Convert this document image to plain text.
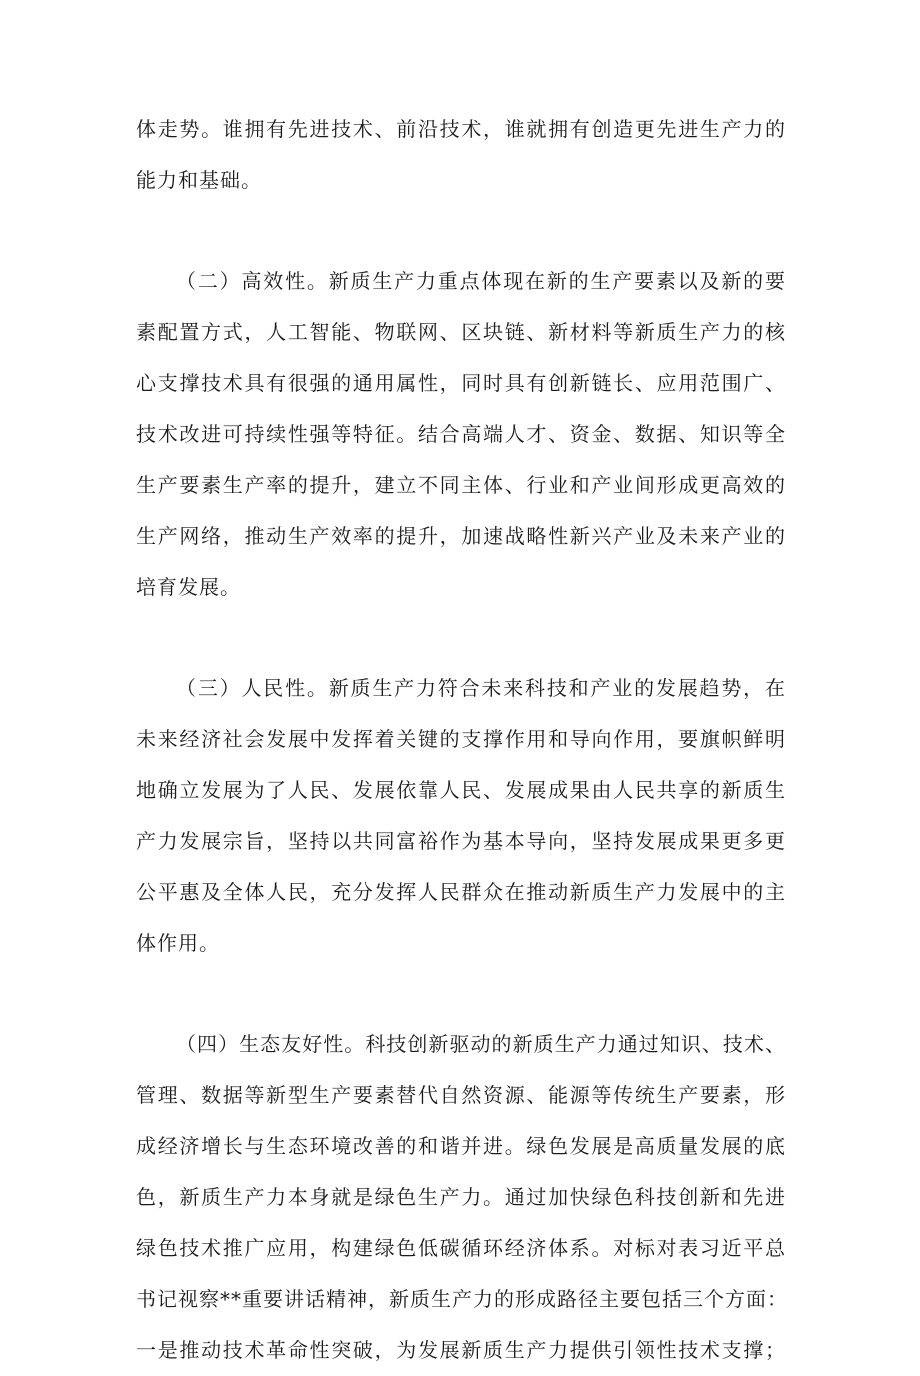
体走势。谁拥有先进技术、前沿技术，谁就拥有创造更先进生产力的
能力和基础。
（二）高效性。新质生产力重点体现在新的生产要素以及新的要
素配置方式，人工智能、物联网、区块链、新材料等新质生产力的核
心支撑技术具有很强的通用属性，同时具有创新链长、应用范围广、
技术改进可持续性强等特征。结合高端人才、资金、数据、知识等全
生产要素生产率的提升，建立不同主体、行业和产业间形成更高效的
生产网络，推动生产效率的提升，加速战略性新兴产业及未来产业的
培育发展。
（三）人民性。新质生产力符合未来科技和产业的发展趋势，在
未来经济社会发展中发挥着关键的支撑作用和导向作用，要旗帜鲜明
地确立发展为了人民、发展依靠人民、发展成果由人民共享的新质生
产力发展宗旨，坚持以共同富裕作为基本导向，坚持发展成果更多更
公平惠及全体人民，充分发挥人民群众在推动新质生产力发展中的主
体作用。
（四）生态友好性。科技创新驱动的新质生产力通过知识、技术、
管理、数据等新型生产要素替代自然资源、能源等传统生产要素，形
成经济增长与生态环境改善的和谐并进。绿色发展是高质量发展的底
色，新质生产力本身就是绿色生产力。通过加快绿色科技创新和先进
绿色技术推广应用，构建绿色低碳循环经济体系。对标对表习近平总
书记视察**重要讲话精神，新质生产力的形成路径主要包括三个方面：
一是推动技术革命性突破，为发展新质生产力提供引领性技术支撑；
